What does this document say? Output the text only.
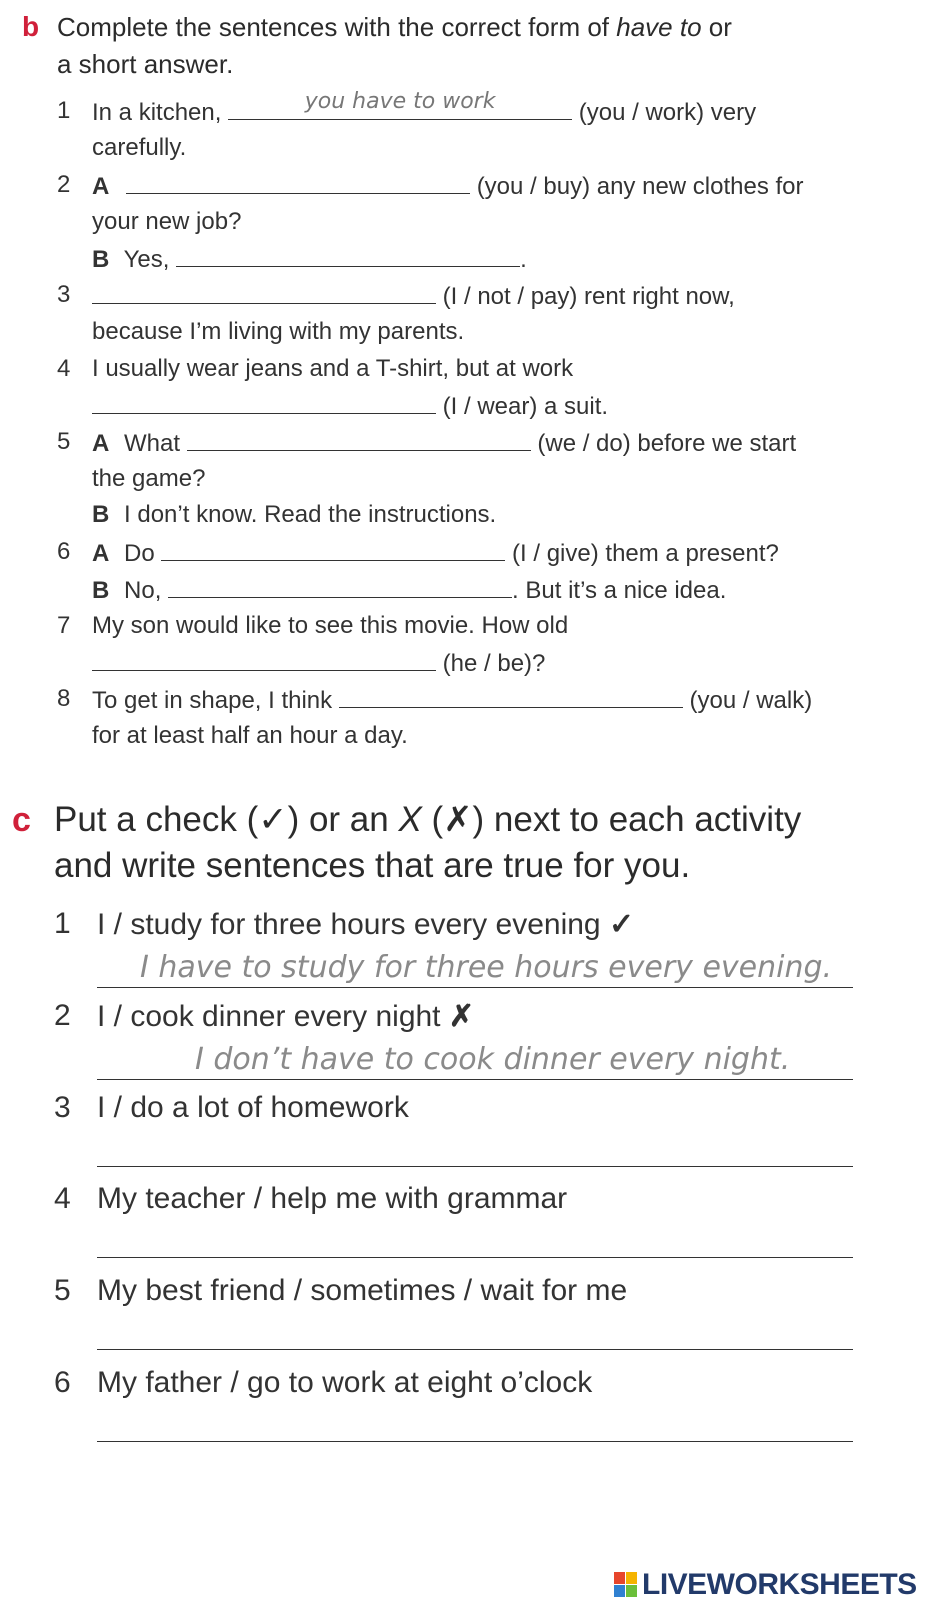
b Complete the sentences with the correct form of have to or
a short answer.
1 In a kitchen,	you have to work	(you / work) very
carefully.
2 A	(you / buy) any new clothes for
your new job?
B Yes,	.
3	(I / not / pay) rent right now,
because I’m living with my parents.
4 I usually wear jeans and a T-shirt, but at work
(I / wear) a suit.
5 A What	(we / do) before we start
the game?
B I don’t know. Read the instructions.
6 A Do	(I / give) them a present?
B No,	. But it’s a nice idea.
7 My son would like to see this movie. How old
(he / be)?
8 To get in shape, I think	(you / walk)
for at least half an hour a day.
c Put a check (✓) or an X (✗) next to each activity
and write sentences that are true for you.
1 I / study for three hours every evening ✓
I have to study for three hours every evening.
2 I / cook dinner every night ✗
I don’t have to cook dinner every night.
3 I / do a lot of homework
4 My teacher / help me with grammar
5 My best friend / sometimes / wait for me
6 My father / go to work at eight o’clock
LIVEWORKSHEETS
